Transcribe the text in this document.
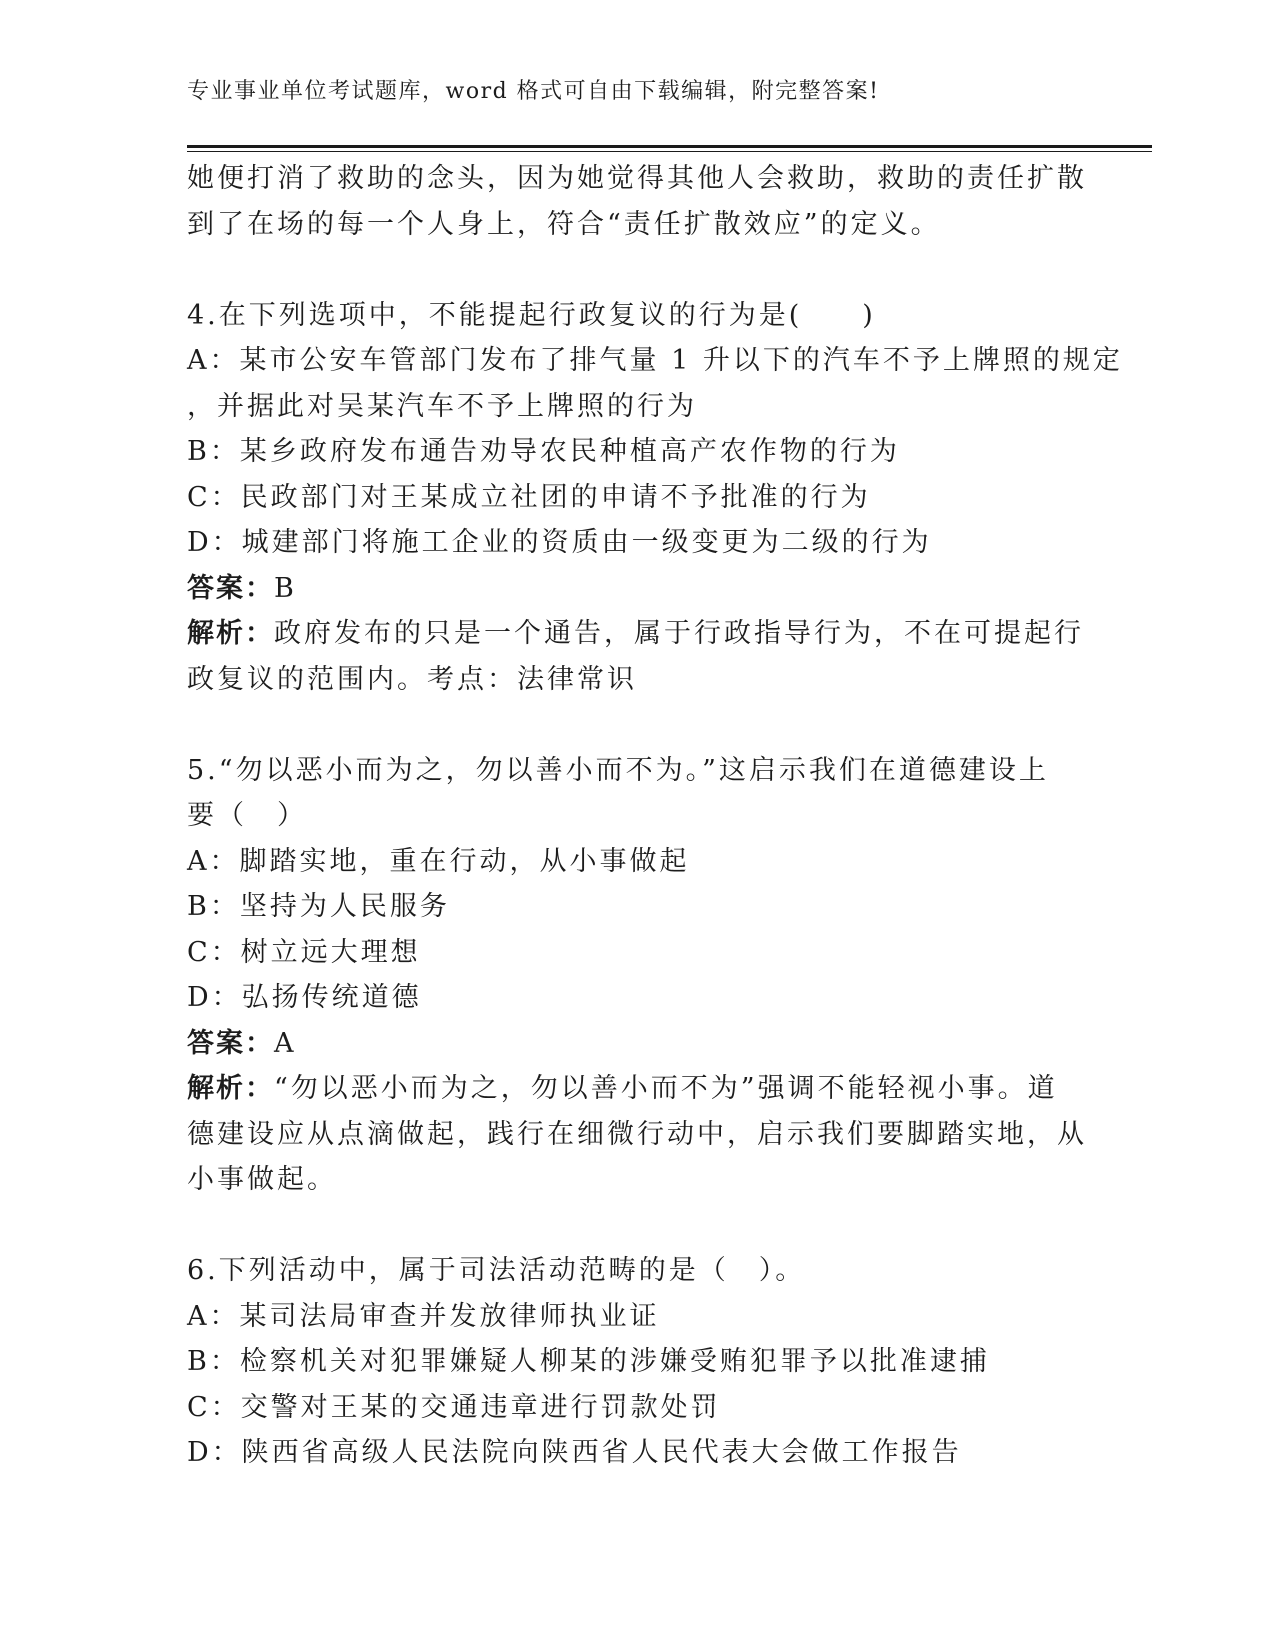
专业事业单位考试题库，word 格式可自由下载编辑，附完整答案!
她便打消了救助的念头，因为她觉得其他人会救助，救助的责任扩散
到了在场的每一个人身上，符合“责任扩散效应”的定义。
4.在下列选项中，不能提起行政复议的行为是(　　)
A：某市公安车管部门发布了排气量 1 升以下的汽车不予上牌照的规定
，并据此对吴某汽车不予上牌照的行为
B：某乡政府发布通告劝导农民种植高产农作物的行为
C：民政部门对王某成立社团的申请不予批准的行为
D：城建部门将施工企业的资质由一级变更为二级的行为
答案：B
解析：政府发布的只是一个通告，属于行政指导行为，不在可提起行
政复议的范围内。考点：法律常识
5.“勿以恶小而为之，勿以善小而不为。”这启示我们在道德建设上
要（　）
A：脚踏实地，重在行动，从小事做起
B：坚持为人民服务
C：树立远大理想
D：弘扬传统道德
答案：A
解析：“勿以恶小而为之，勿以善小而不为”强调不能轻视小事。道
德建设应从点滴做起，践行在细微行动中，启示我们要脚踏实地，从
小事做起。
6.下列活动中，属于司法活动范畴的是（　）。
A：某司法局审查并发放律师执业证
B：检察机关对犯罪嫌疑人柳某的涉嫌受贿犯罪予以批准逮捕
C：交警对王某的交通违章进行罚款处罚
D：陕西省高级人民法院向陕西省人民代表大会做工作报告
